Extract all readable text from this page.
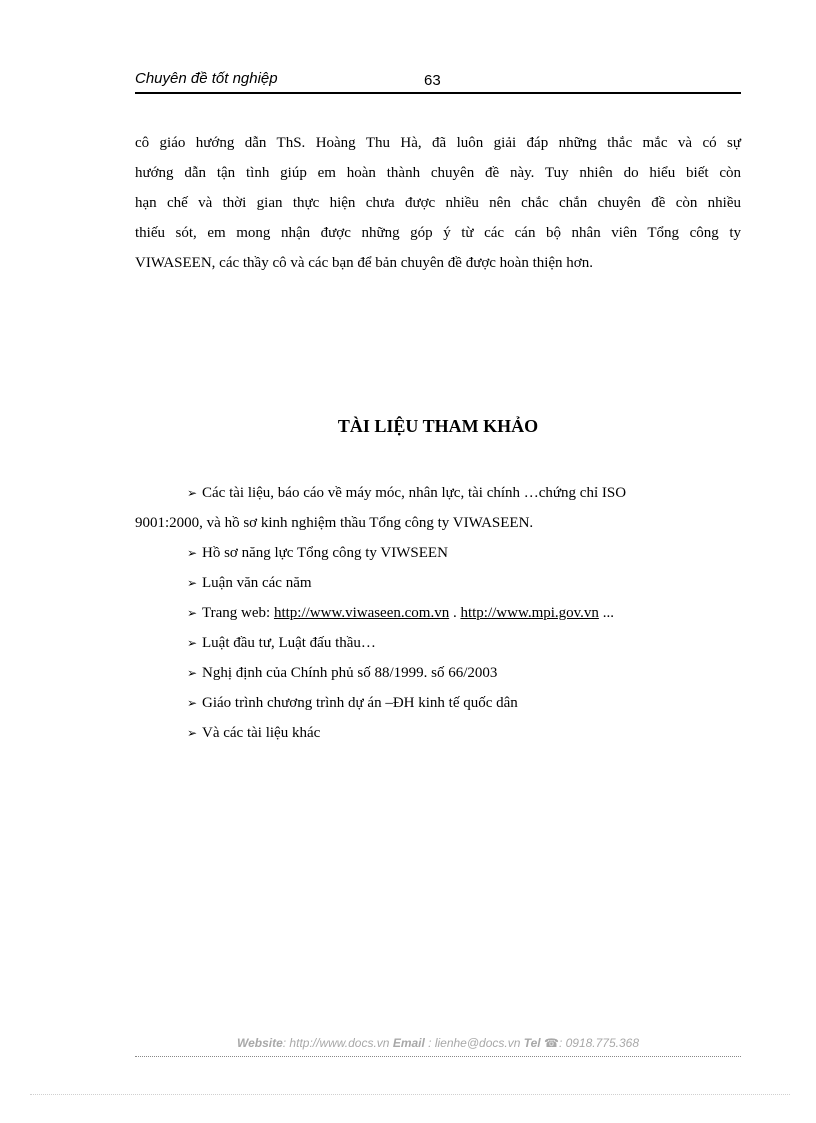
Chuyên đề tốt nghiệp	63
cô giáo hướng dẫn ThS. Hoàng Thu Hà, đã luôn giải đáp những thắc mắc và có sự
hướng dẫn tận tình giúp em hoàn thành chuyên đề này. Tuy nhiên do hiểu biết còn
hạn chế và thời gian thực hiện chưa được nhiều nên chắc chắn chuyên đề còn nhiều
thiếu sót, em mong nhận được những góp ý từ các cán bộ nhân viên Tổng công ty
VIWASEEN, các thầy cô và các bạn để bản chuyên đề được hoàn thiện hơn.
TÀI LIỆU THAM KHẢO
➢ Các tài liệu, báo cáo về máy móc, nhân lực, tài chính …chứng chỉ ISO
9001:2000, và hồ sơ kinh nghiệm thầu Tổng công ty VIWASEEN.
➢ Hồ sơ năng lực Tổng công ty VIWSEEN
➢ Luận văn các năm
➢ Trang web: http://www.viwaseen.com.vn . http://www.mpi.gov.vn ...
➢ Luật đầu tư, Luật đấu thầu…
➢ Nghị định của Chính phủ số 88/1999. số 66/2003
➢ Giáo trình chương trình dự án –ĐH kinh tế quốc dân
➢ Và các tài liệu khác
Website: http://www.docs.vn Email : lienhe@docs.vn Tel ☎: 0918.775.368
